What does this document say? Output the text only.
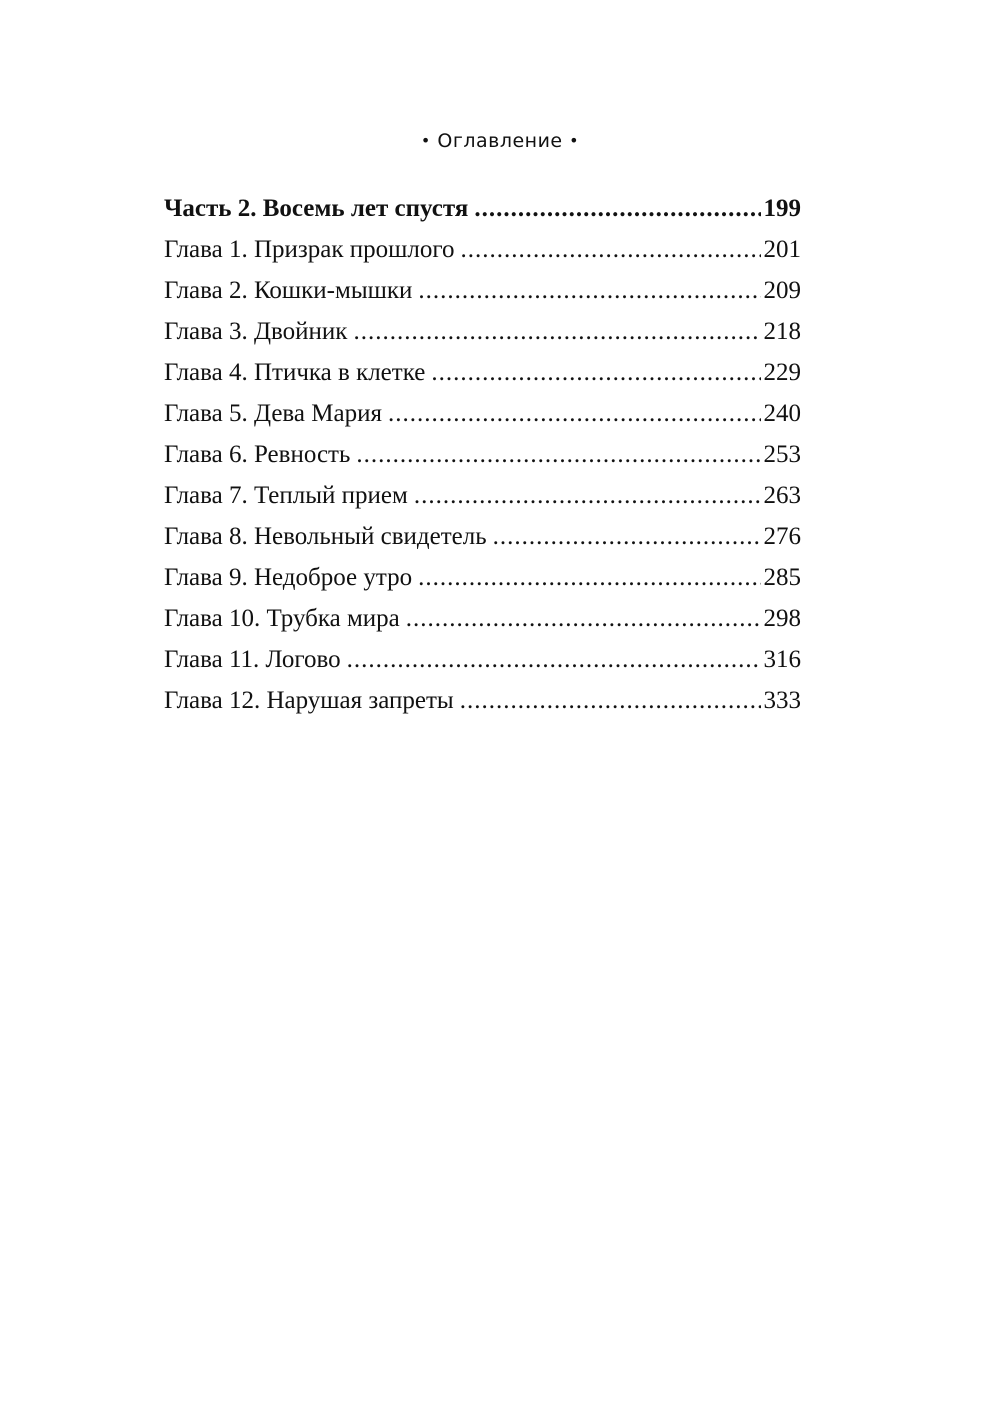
• Оглавление •
Часть 2. Восемь лет спустя .....	199
Глава 1. Призрак прошлого .....	201
Глава 2. Кошки-мышки .....	209
Глава 3. Двойник .....	218
Глава 4. Птичка в клетке .....	229
Глава 5. Дева Мария .....	240
Глава 6. Ревность .....	253
Глава 7. Теплый прием .....	263
Глава 8. Невольный свидетель .....	276
Глава 9. Недоброе утро .....	285
Глава 10. Трубка мира .....	298
Глава 11. Логово .....	316
Глава 12. Нарушая запреты .....	333
